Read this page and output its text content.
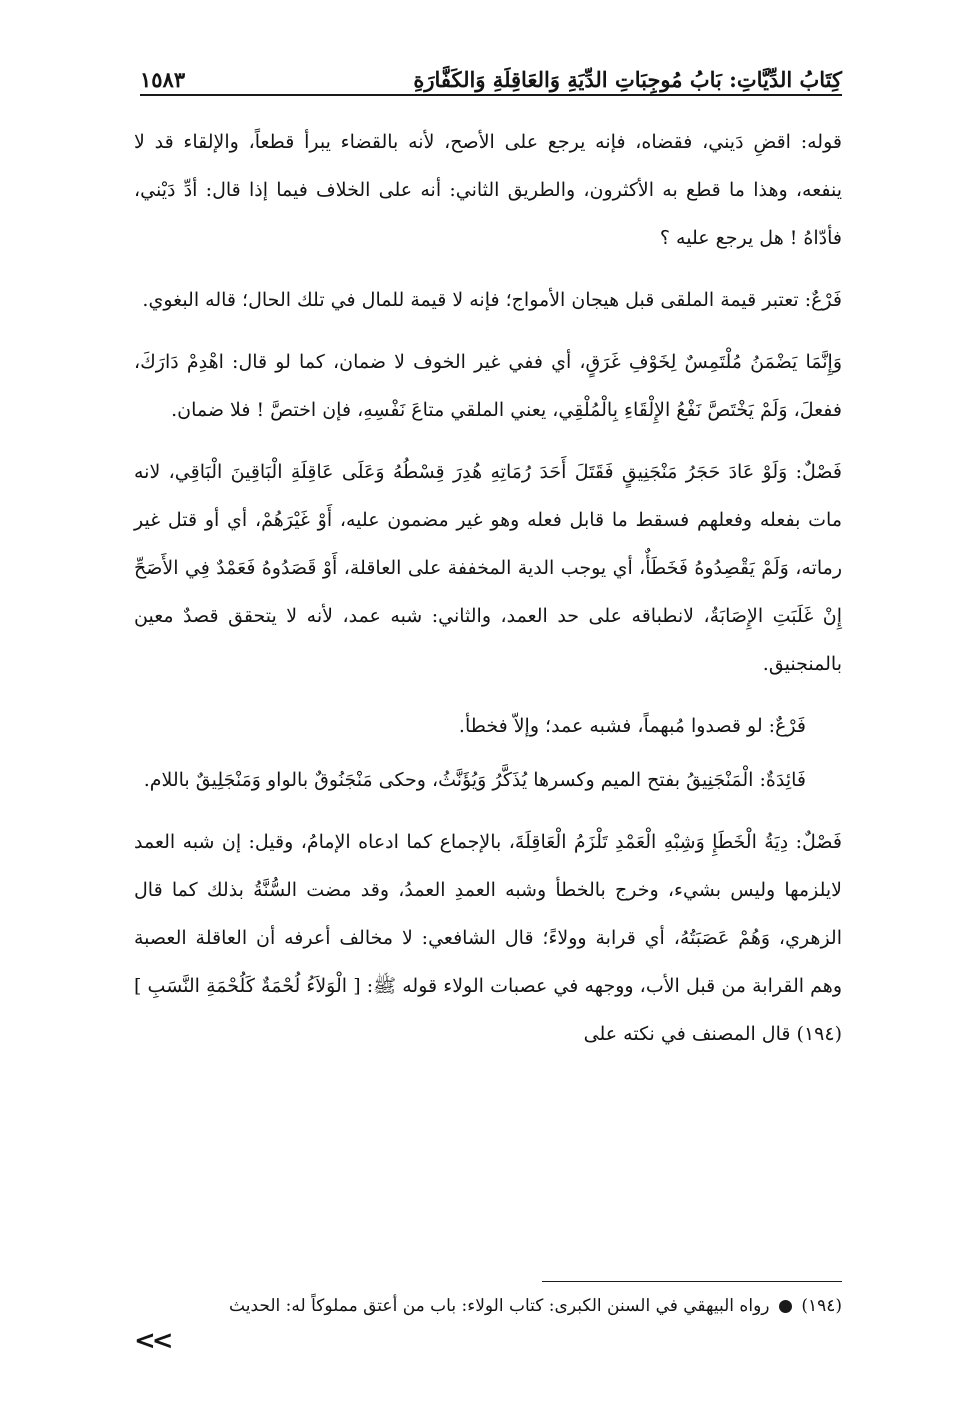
كِتَابُ الدِّيَّاتِ: بَابُ مُوجِبَاتِ الدِّيَةِ وَالعَاقِلَةِ وَالكَفَّارَةِ
١٥٨٣

قوله: اقضِ دَيني، فقضاه، فإنه يرجع على الأصح، لأنه بالقضاء يبرأ قطعاً، والإلقاء قد لا ينفعه، وهذا ما قطع به الأكثرون، والطريق الثاني: أنه على الخلاف فيما إذا قال: أدِّ دَيْني، فأدّاهُ ! هل يرجع عليه ؟

فَرْعٌ: تعتبر قيمة الملقى قبل هيجان الأمواج؛ فإنه لا قيمة للمال في تلك الحال؛ قاله البغوي.

وَإِنَّمَا يَضْمَنُ مُلْتَمِسٌ لِخَوْفِ غَرَقٍ، أي ففي غير الخوف لا ضمان، كما لو قال: اهْدِمْ دَارَكَ، ففعلَ، وَلَمْ يَخْتَصَّ نَفْعُ الإِلْقَاءِ بِالْمُلْقِي، يعني الملقي متاعَ نَفْسِهِ، فإن اختصَّ ! فلا ضمان.

فَصْلٌ: وَلَوْ عَادَ حَجَرُ مَنْجَنِيقٍ فَقَتَلَ أَحَدَ رُمَاتِهِ هُدِرَ قِسْطُهُ وَعَلَى عَاقِلَةِ الْبَاقِينَ الْبَاقِي، لانه مات بفعله وفعلهم فسقط ما قابل فعله وهو غير مضمون عليه، أَوْ غَيْرَهُمْ، أي أو قتل غير رماته، وَلَمْ يَقْصِدُوهُ فَخَطَأٌ، أي يوجب الدية المخففة على العاقلة، أَوْ قَصَدُوهُ فَعَمْدٌ فِي الأَصَحِّ إِنْ غَلَبَتِ الإِصَابَةُ، لانطباقه على حد العمد، والثاني: شبه عمد، لأنه لا يتحقق قصدٌ معين بالمنجنيق.

فَرْعٌ: لو قصدوا مُبهماً، فشبه عمد؛ وإلاّ فخطأ.

فَائِدَةٌ: الْمَنْجَنِيقُ بفتح الميم وكسرها يُذَكَّرُ وَيُؤَنَّثُ، وحكى مَنْجَنُوقٌ بالواو وَمَنْجَلِيقٌ باللام.

فَصْلٌ: دِيَةُ الْخَطَإِ وَشِبْهِ الْعَمْدِ تَلْزَمُ الْعَاقِلَةَ، بالإجماع كما ادعاه الإمامُ، وقيل: إن شبه العمد لايلزمها وليس بشيء، وخرج بالخطأ وشبه العمدِ العمدُ، وقد مضت السُّنَّةُ بذلك كما قال الزهري، وَهُمْ عَصَبَتُهُ، أي قرابة وولاءً؛ قال الشافعي: لا مخالف أعرفه أن العاقلة العصبة وهم القرابة من قبل الأب، ووجهه في عصبات الولاء قوله ﷺ: [ الْوَلاَءُ لُحْمَةٌ كَلُحْمَةِ النَّسَبِ ](١٩٤) قال المصنف في نكته على

(١٩٤)  رواه البيهقي في السنن الكبرى: كتاب الولاء: باب من أعتق مملوكاً له: الحديث
<<
